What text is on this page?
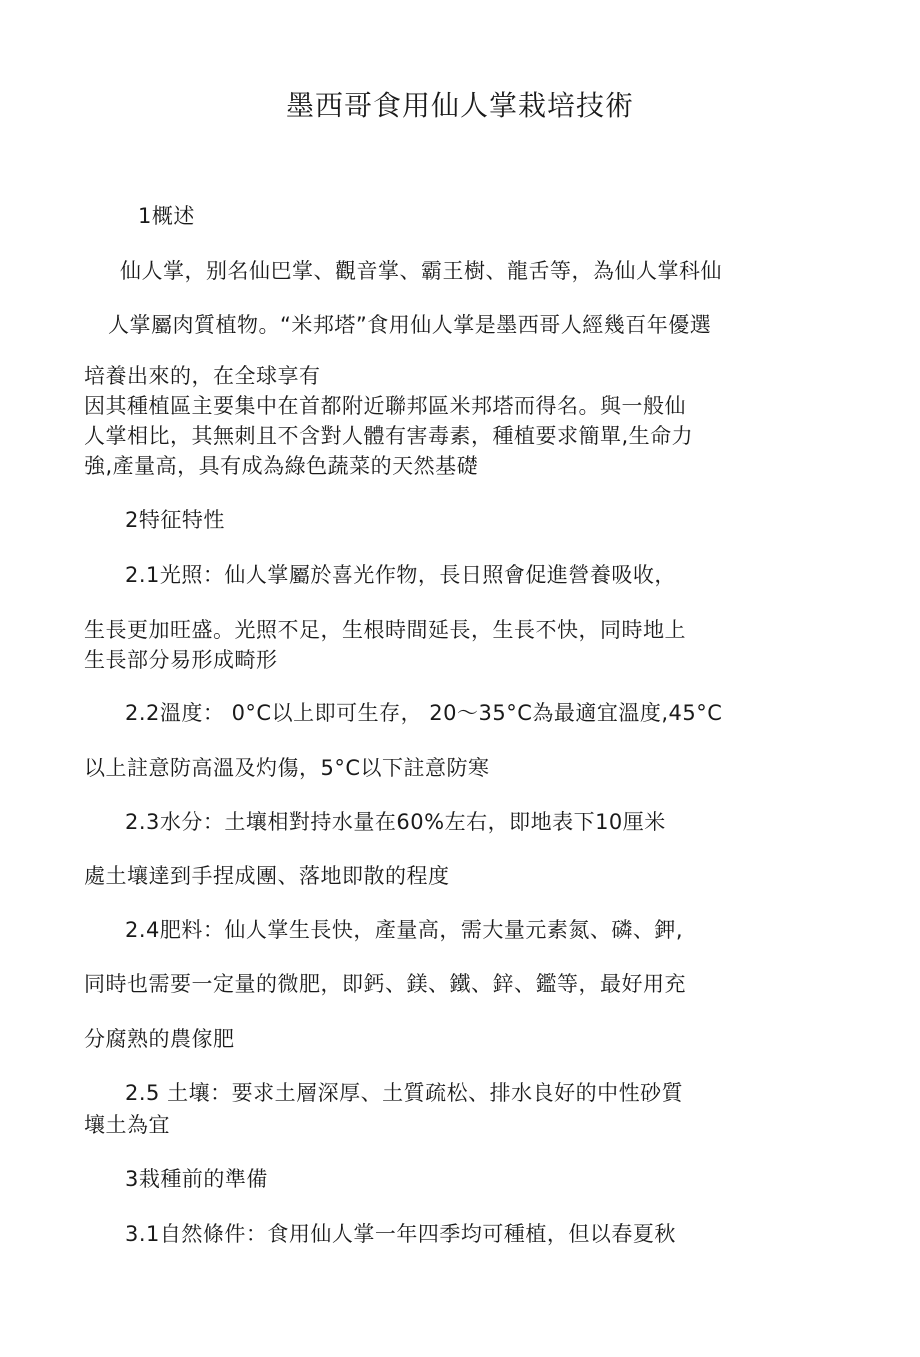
墨西哥食用仙人掌栽培技術
1概述
仙人掌，别名仙巴掌、觀音掌、霸王樹、龍舌等，為仙人掌科仙
人掌屬肉質植物。“米邦塔”食用仙人掌是墨西哥人經幾百年優選
培養出來的，在全球享有
因其種植區主要集中在首都附近聯邦區米邦塔而得名。與一般仙
人掌相比，其無刺且不含對人體有害毒素，種植要求簡單,生命力
強,產量高，具有成為綠色蔬菜的天然基礎
2特征特性
2.1光照：仙人掌屬於喜光作物，長日照會促進營養吸收，
生長更加旺盛。光照不足，生根時間延長，生長不快，同時地上
生長部分易形成畸形
2.2溫度： 0°C以上即可生存， 20～35°C為最適宜溫度,45°C
以上註意防高溫及灼傷，5°C以下註意防寒
2.3水分：土壤相對持水量在60%左右，即地表下10厘米
處土壤達到手捏成團、落地即散的程度
2.4肥料：仙人掌生長快，產量高，需大量元素氮、磷、鉀,
同時也需要一定量的微肥，即鈣、鎂、鐵、鋅、鑑等，最好用充
分腐熟的農傢肥
2.5 土壤：要求土層深厚、土質疏松、排水良好的中性砂質
壤土為宜
3栽種前的準備
3.1自然條件：食用仙人掌一年四季均可種植，但以春夏秋
